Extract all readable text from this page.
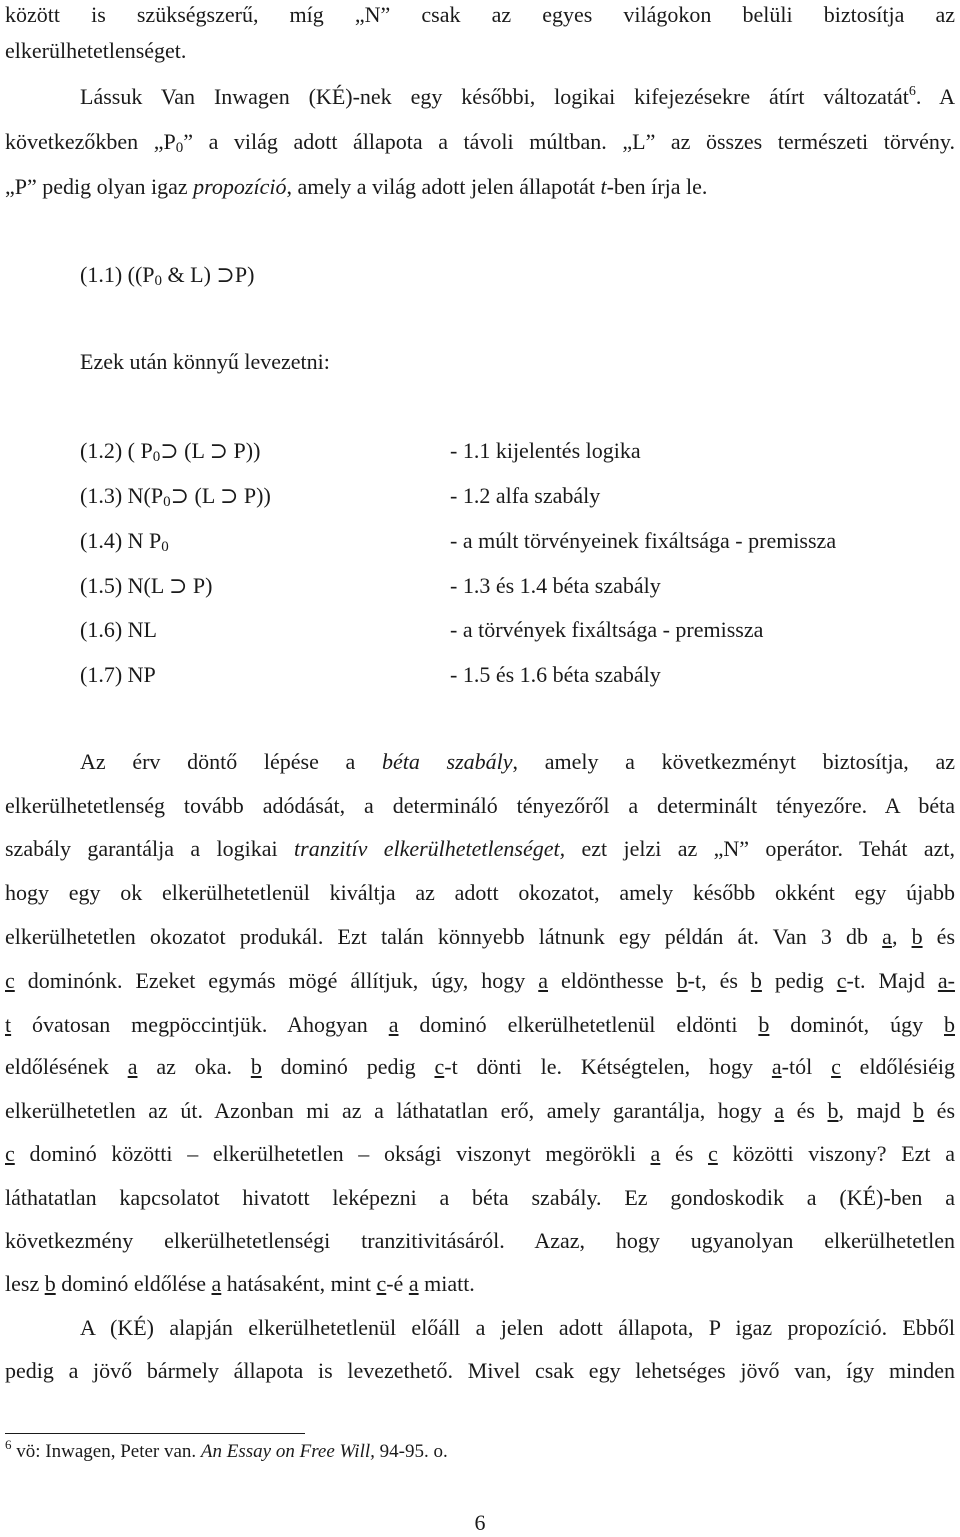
között is szükségszerű, míg „N” csak az egyes világokon belüli biztosítja az
elkerülhetetlenséget.
Lássuk Van Inwagen (KÉ)-nek egy későbbi, logikai kifejezésekre átírt változatát$^6$. A
következőkben $„P_0$” a világ adott állapota a távoli múltban. „L” az összes természeti törvény.
„P” pedig olyan igaz propozíció, amely a világ adott jelen állapotát t-ben írja le.
(1.1) (($P_0$ & L) ⊃P)
Ezek után könnyű levezetni:
(1.2) ( $P_0⊃$ (L ⊃ P))	- 1.1 kijelentés logika
(1.3) $N(P_0⊃$ (L ⊃ P))	- 1.2 alfa szabály
(1.4) N $P_0$	- a múlt törvényeinek fixáltsága - premissza
(1.5) N(L ⊃ P)	- 1.3 és 1.4 béta szabály
(1.6) NL	- a törvények fixáltsága - premissza
(1.7) NP	- 1.5 és 1.6 béta szabály
Az érv döntő lépése a béta szabály, amely a következményt biztosítja, az
elkerülhetetlenség tovább adódását, a determináló tényezőről a determinált tényezőre. A béta
szabály garantálja a logikai tranzitív elkerülhetetlenséget, ezt jelzi az „N” operátor. Tehát azt,
hogy egy ok elkerülhetetlenül kiváltja az adott okozatot, amely később okként egy újabb
elkerülhetetlen okozatot produkál. Ezt talán könnyebb látnunk egy példán át. Van 3 db a, b és
c dominónk. Ezeket egymás mögé állítjuk, úgy, hogy a eldönthesse b-t, és b pedig c-t. Majd a-
t óvatosan megpöccintjük. Ahogyan a dominó elkerülhetetlenül eldönti b dominót, úgy b
eldőlésének a az oka. b dominó pedig c-t dönti le. Kétségtelen, hogy a-tól c eldőlésiéig
elkerülhetetlen az út. Azonban mi az a láthatatlan erő, amely garantálja, hogy a és b, majd b és
c dominó közötti – elkerülhetetlen – oksági viszonyt megörökli a és c közötti viszony? Ezt a
láthatatlan kapcsolatot hivatott leképezni a béta szabály. Ez gondoskodik a (KÉ)-ben a
következmény elkerülhetetlenségi tranzitivitásáról. Azaz, hogy ugyanolyan elkerülhetetlen
lesz b dominó eldőlése a hatásaként, mint c-é a miatt.
A (KÉ) alapján elkerülhetetlenül előáll a jelen adott állapota, P igaz propozíció. Ebből
pedig a jövő bármely állapota is levezethető. Mivel csak egy lehetséges jövő van, így minden
$^6$ vö: Inwagen, Peter van. An Essay on Free Will, 94-95. o.
6
